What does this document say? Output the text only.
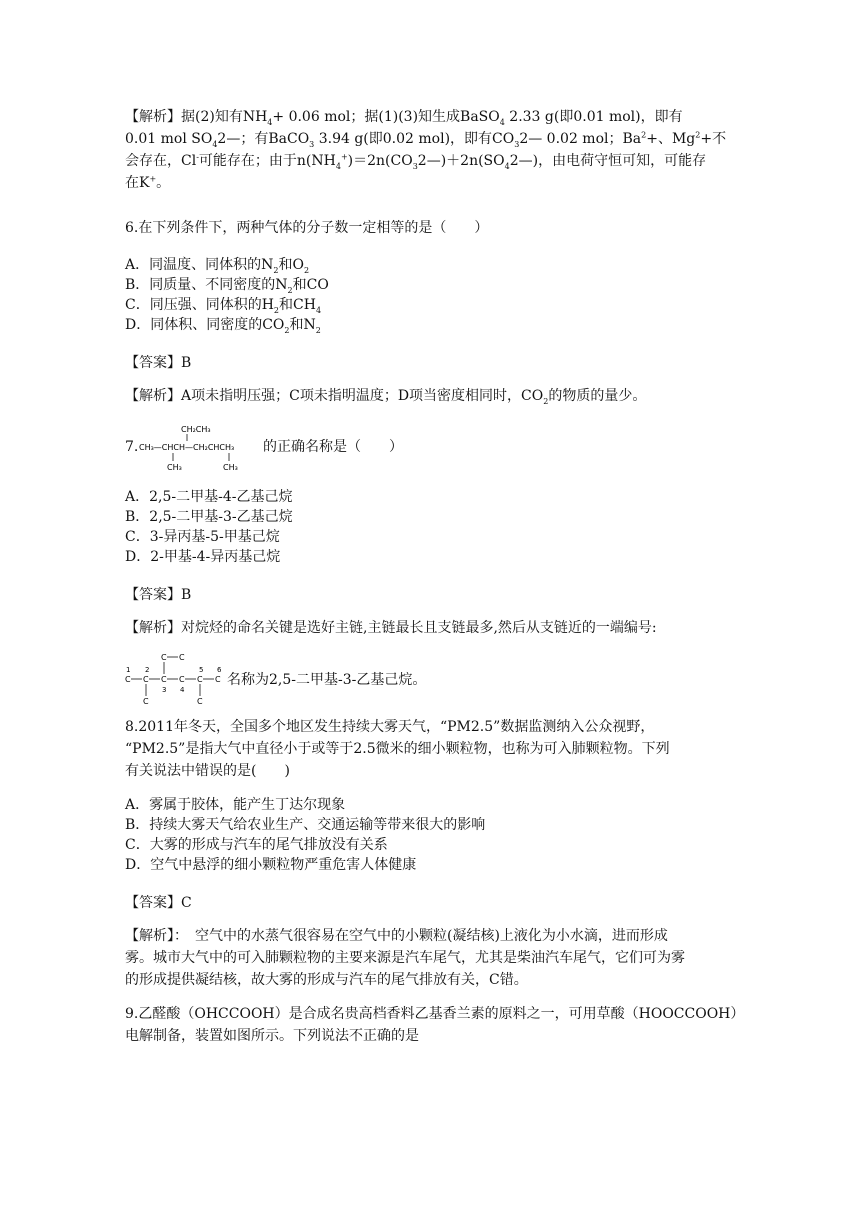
【解析】据(2)知有$NH_4+ 0.06$ mol；据(1)(3)知生成BaSO$_4$ 2.33 g(即0.01 mol)，即有
0.01 mol $SO_42—$；有BaCO$_3$ 3.94 g(即0.02 mol)，即有$CO_32—$ 0.02 mol；$Ba^2+$、$Mg^2+$不
会存在，Cl-可能存在；由于$n(NH_4^+)=2n(CO_32—)+2n(SO_42—)$，由电荷守恒可知，可能存
在K+。
6.在下列条件下，两种气体的分子数一定相等的是（　　）
A．同温度、同体积的$N_2$和$O_2$
B．同质量、不同密度的$N_2$和CO
C．同压强、同体积的$H_2$和$CH_4$
D．同体积、同密度的$CO_2$和$N_2$
【答案】B
【解析】A项未指明压强；C项未指明温度；D项当密度相同时，$CO_2$的物质的量少。
7.
CH₂CH₃
CH₃—CHCH—CH₂CHCH₃
CH₃	CH₃
的正确名称是（　　）
A．2,5-二甲基-4-乙基己烷
B．2,5-二甲基-3-乙基己烷
C．3-异丙基-5-甲基己烷
D．2-甲基-4-异丙基己烷
【答案】B
【解析】对烷烃的命名关键是选好主链,主链最长且支链最多,然后从支链近的一端编号:
C C
1 2	5 6
C C C C C C
3 4
C	C
名称为2,5-二甲基-3-乙基己烷。
8.2011年冬天，全国多个地区发生持续大雾天气，“PM2.5”数据监测纳入公众视野，
“PM2.5”是指大气中直径小于或等于2.5微米的细小颗粒物，也称为可入肺颗粒物。下列
有关说法中错误的是(　　)
A．雾属于胶体，能产生丁达尔现象
B．持续大雾天气给农业生产、交通运输等带来很大的影响
C．大雾的形成与汽车的尾气排放没有关系
D．空气中悬浮的细小颗粒物严重危害人体健康
【答案】C
【解析】：　空气中的水蒸气很容易在空气中的小颗粒(凝结核)上液化为小水滴，进而形成
雾。城市大气中的可入肺颗粒物的主要来源是汽车尾气，尤其是柴油汽车尾气，它们可为雾
的形成提供凝结核，故大雾的形成与汽车的尾气排放有关，C错。
9.乙醛酸（OHCCOOH）是合成名贵高档香料乙基香兰素的原料之一，可用草酸（HOOCCOOH）
电解制备，装置如图所示。下列说法不正确的是
